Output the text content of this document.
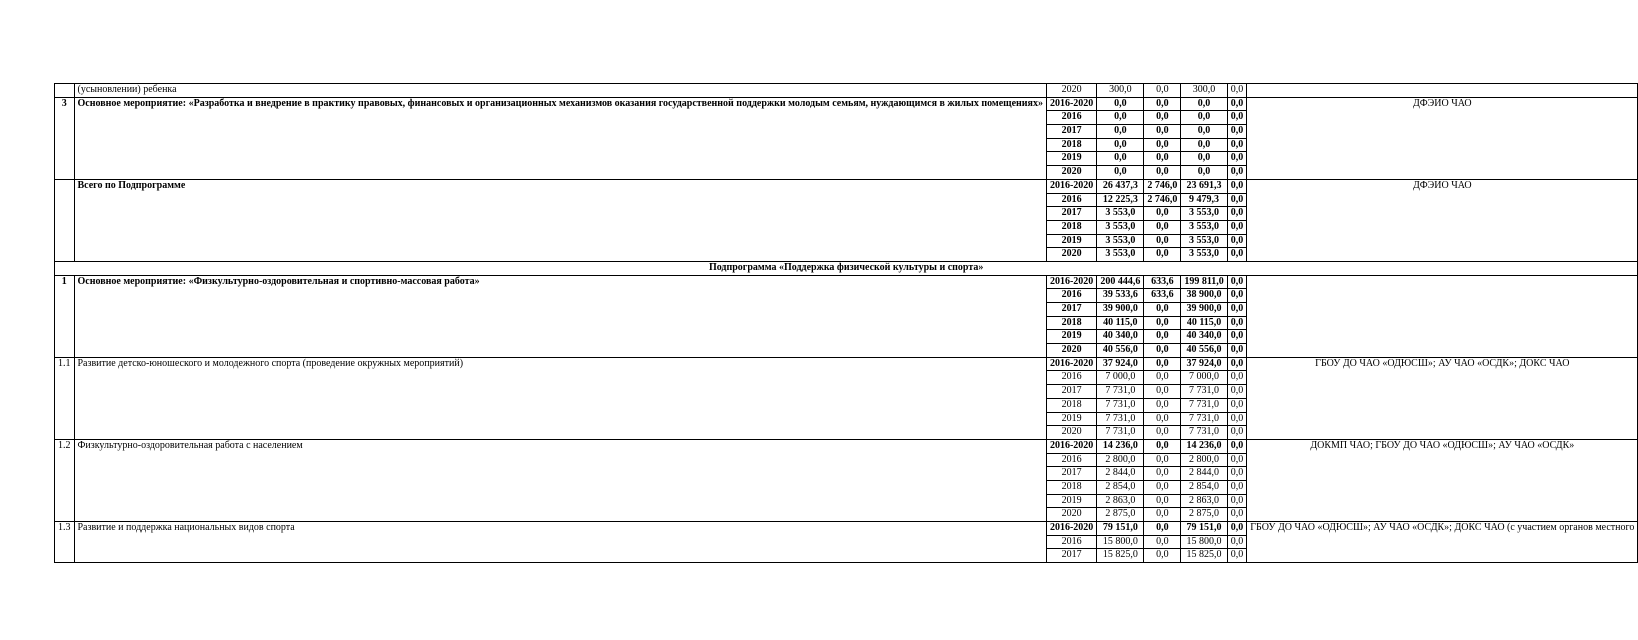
	(усыновлении) ребенка	2020	300,0	0,0	300,0	0,0	
3	Основное мероприятие: «Разработка и внедрение в практику правовых, финансовых и организационных механизмов оказания государственной поддержки молодым семьям, нуждающимся в жилых помещениях»	2016-2020	0,0	0,0	0,0	0,0	ДФЭИО ЧАО
		2016	0,0	0,0	0,0	0,0	
		2017	0,0	0,0	0,0	0,0	
		2018	0,0	0,0	0,0	0,0	
		2019	0,0	0,0	0,0	0,0	
		2020	0,0	0,0	0,0	0,0	
	Всего по Подпрограмме	2016-2020	26 437,3	2 746,0	23 691,3	0,0	ДФЭИО ЧАО
		2016	12 225,3	2 746,0	9 479,3	0,0	
		2017	3 553,0	0,0	3 553,0	0,0	
		2018	3 553,0	0,0	3 553,0	0,0	
		2019	3 553,0	0,0	3 553,0	0,0	
		2020	3 553,0	0,0	3 553,0	0,0	
Подпрограмма «Поддержка физической культуры и спорта»							
1	Основное мероприятие: «Физкультурно-оздоровительная и спортивно-массовая работа»	2016-2020	200 444,6	633,6	199 811,0	0,0	
		2016	39 533,6	633,6	38 900,0	0,0	
		2017	39 900,0	0,0	39 900,0	0,0	
		2018	40 115,0	0,0	40 115,0	0,0	
		2019	40 340,0	0,0	40 340,0	0,0	
		2020	40 556,0	0,0	40 556,0	0,0	
1.1	Развитие детско-юношеского и молодежного спорта (проведение окружных мероприятий)	2016-2020	37 924,0	0,0	37 924,0	0,0	ГБОУ ДО ЧАО «ОДЮСШ»; АУ ЧАО «ОСДК»; ДОКС ЧАО
		2016	7 000,0	0,0	7 000,0	0,0	
		2017	7 731,0	0,0	7 731,0	0,0	
		2018	7 731,0	0,0	7 731,0	0,0	
		2019	7 731,0	0,0	7 731,0	0,0	
		2020	7 731,0	0,0	7 731,0	0,0	
1.2	Физкультурно-оздоровительная работа с населением	2016-2020	14 236,0	0,0	14 236,0	0,0	ДОКМП ЧАО; ГБОУ ДО ЧАО «ОДЮСШ»; АУ ЧАО «ОСДК»
		2016	2 800,0	0,0	2 800,0	0,0	
		2017	2 844,0	0,0	2 844,0	0,0	
		2018	2 854,0	0,0	2 854,0	0,0	
		2019	2 863,0	0,0	2 863,0	0,0	
		2020	2 875,0	0,0	2 875,0	0,0	
1.3	Развитие и поддержка национальных видов спорта	2016-2020	79 151,0	0,0	79 151,0	0,0	ГБОУ ДО ЧАО «ОДЮСШ»; АУ ЧАО «ОСДК»; ДОКС ЧАО (с участием органов местного
		2016	15 800,0	0,0	15 800,0	0,0	
		2017	15 825,0	0,0	15 825,0	0,0	
